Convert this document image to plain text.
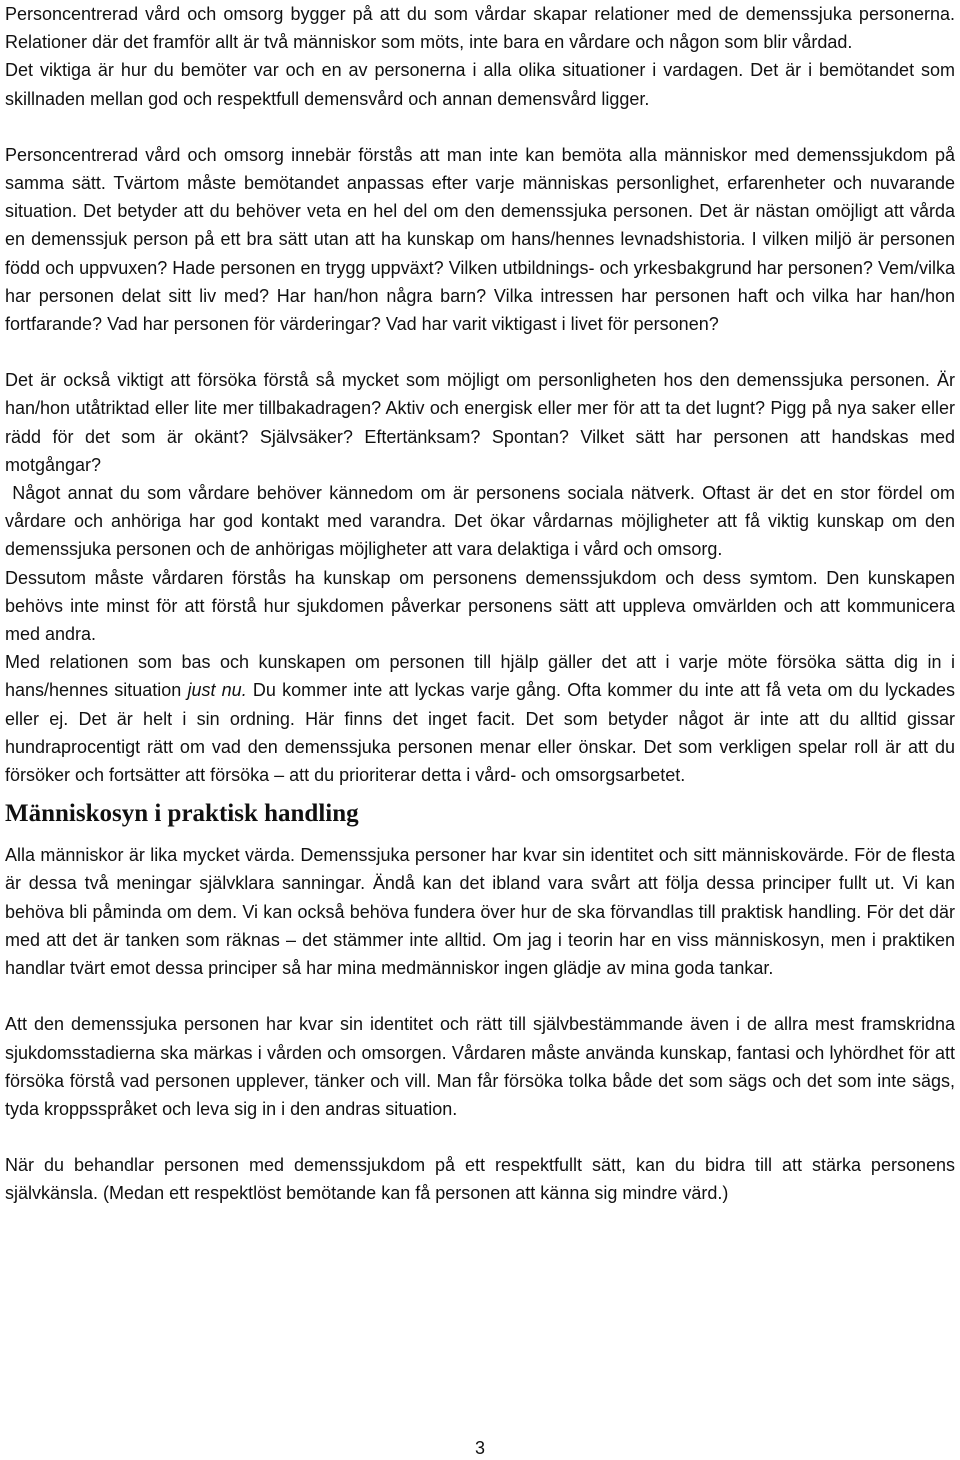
Personcentrerad vård och omsorg bygger på att du som vårdar skapar relationer med de demenssjuka personerna. Relationer där det framför allt är två människor som möts, inte bara en vårdare och någon som blir vårdad.
Det viktiga är hur du bemöter var och en av personerna i alla olika situationer i vardagen. Det är i bemötandet som skillnaden mellan god och respektfull demensvård och annan demensvård ligger.

Personcentrerad vård och omsorg innebär förstås att man inte kan bemöta alla människor med demenssjukdom på samma sätt. Tvärtom måste bemötandet anpassas efter varje människas personlighet, erfarenheter och nuvarande situation. Det betyder att du behöver veta en hel del om den demenssjuka personen. Det är nästan omöjligt att vårda en demenssjuk person på ett bra sätt utan att ha kunskap om hans/hennes levnadshistoria. I vilken miljö är personen född och uppvuxen? Hade personen en trygg uppväxt? Vilken utbildnings- och yrkesbakgrund har personen? Vem/vilka har personen delat sitt liv med? Har han/hon några barn? Vilka intressen har personen haft och vilka har han/hon fortfarande? Vad har personen för värderingar? Vad har varit viktigast i livet för personen?

Det är också viktigt att försöka förstå så mycket som möjligt om personligheten hos den demenssjuka personen. Är han/hon utåtriktad eller lite mer tillbakadragen? Aktiv och energisk eller mer för att ta det lugnt? Pigg på nya saker eller rädd för det som är okänt? Självsäker? Eftertänksam? Spontan? Vilket sätt har personen att handskas med motgångar?

Något annat du som vårdare behöver kännedom om är personens sociala nätverk. Oftast är det en stor fördel om vårdare och anhöriga har god kontakt med varandra. Det ökar vårdarnas möjligheter att få viktig kunskap om den demenssjuka personen och de anhörigas möjligheter att vara delaktiga i vård och omsorg.

Dessutom måste vårdaren förstås ha kunskap om personens demenssjukdom och dess symtom. Den kunskapen behövs inte minst för att förstå hur sjukdomen påverkar personens sätt att uppleva omvärlden och att kommunicera med andra.

Med relationen som bas och kunskapen om personen till hjälp gäller det att i varje möte försöka sätta dig in i hans/hennes situation just nu. Du kommer inte att lyckas varje gång. Ofta kommer du inte att få veta om du lyckades eller ej. Det är helt i sin ordning. Här finns det inget facit. Det som betyder något är inte att du alltid gissar hundraprocentigt rätt om vad den demenssjuka personen menar eller önskar. Det som verkligen spelar roll är att du försöker och fortsätter att försöka – att du prioriterar detta i vård- och omsorgsarbetet.

Människosyn i praktisk handling

Alla människor är lika mycket värda. Demenssjuka personer har kvar sin identitet och sitt människovärde. För de flesta är dessa två meningar självklara sanningar. Ändå kan det ibland vara svårt att följa dessa principer fullt ut. Vi kan behöva bli påminda om dem. Vi kan också behöva fundera över hur de ska förvandlas till praktisk handling. För det där med att det är tanken som räknas – det stämmer inte alltid. Om jag i teorin har en viss människosyn, men i praktiken handlar tvärt emot dessa principer så har mina medmänniskor ingen glädje av mina goda tankar.

Att den demenssjuka personen har kvar sin identitet och rätt till självbestämmande även i de allra mest framskridna sjukdomsstadierna ska märkas i vården och omsorgen. Vårdaren måste använda kunskap, fantasi och lyhördhet för att försöka förstå vad personen upplever, tänker och vill. Man får försöka tolka både det som sägs och det som inte sägs, tyda kroppsspråket och leva sig in i den andras situation.

När du behandlar personen med demenssjukdom på ett respektfullt sätt, kan du bidra till att stärka personens självkänsla. (Medan ett respektlöst bemötande kan få personen att känna sig mindre värd.)

3
